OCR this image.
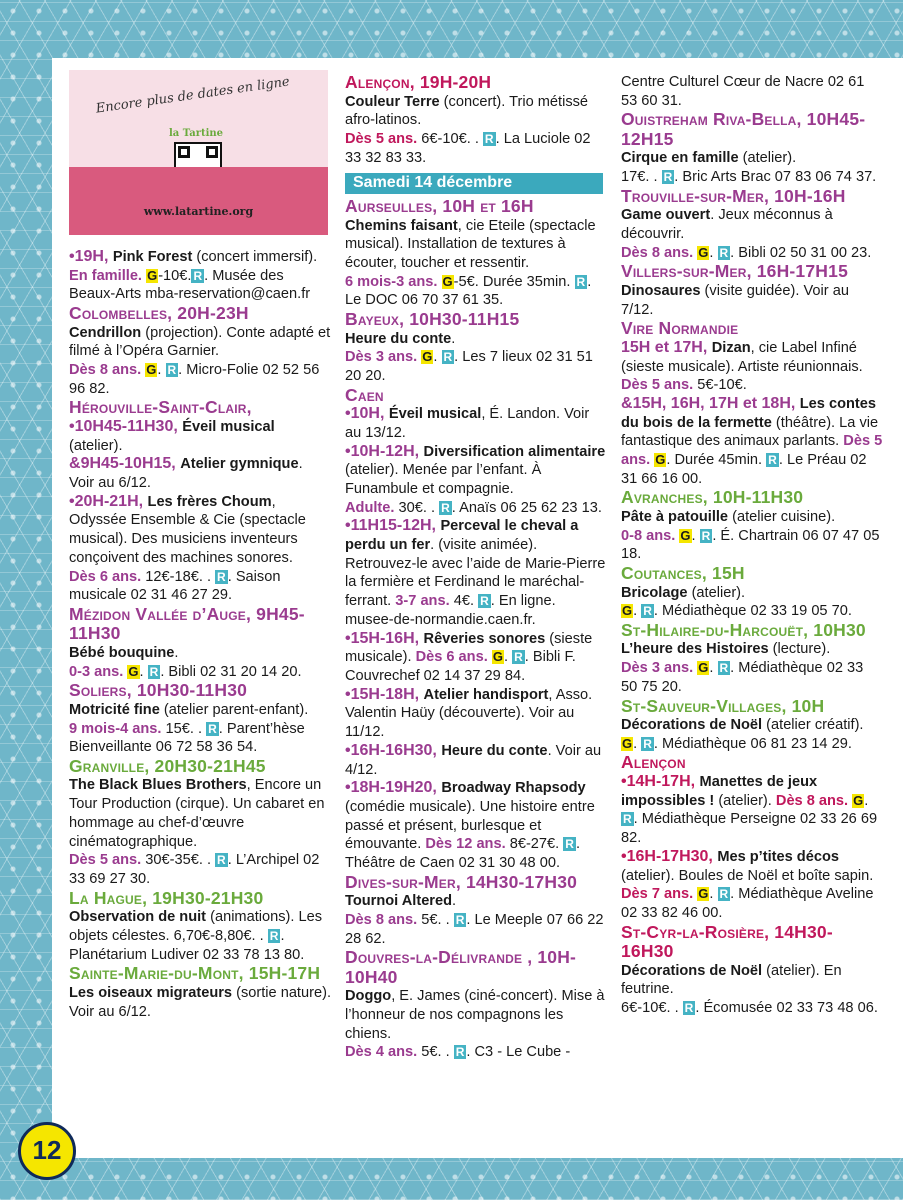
Encore plus de dates en ligne
la Tartine
www.latartine.org
•19H, Pink Forest (concert immersif). En famille. G-10€. R . Musée des Beaux-Arts mba-reservation@caen.fr
Colombelles, 20H-23H
Cendrillon (projection). Conte adapté et filmé à l’Opéra Garnier.
Dès 8 ans. G. R . Micro-Folie 02 52 56 96 82.
Hérouville-Saint-Clair,
•10H45-11H30, Éveil musical (atelier).
&9H45-10H15, Atelier gymnique. Voir au 6/12.
•20H-21H, Les frères Choum, Odyssée Ensemble & Cie (spectacle musical). Des musiciens inventeurs conçoivent des machines sonores.
Dès 6 ans. 12€-18€. . R . Saison musicale 02 31 46 27 29.
Mézidon Vallée d’Auge, 9H45-11H30
Bébé bouquine.
0-3 ans. G. R . Bibli 02 31 20 14 20.
Soliers, 10H30-11H30
Motricité fine (atelier parent-enfant).
9 mois-4 ans. 15€. . R . Parent’hèse Bienveillante 06 72 58 36 54.
Granville, 20H30-21H45
The Black Blues Brothers, Encore un Tour Production (cirque). Un cabaret en hommage au chef-d’œuvre cinématographique.
Dès 5 ans. 30€-35€. . R . L’Archipel 02 33 69 27 30.
La Hague, 19H30-21H30
Observation de nuit (animations). Les objets célestes. 6,70€-8,80€. . R . Planétarium Ludiver 02 33 78 13 80.
Sainte-Marie-du-Mont, 15H-17H
Les oiseaux migrateurs (sortie nature). Voir au 6/12.
Alençon, 19H-20H
Couleur Terre (concert). Trio métissé afro-latinos.
Dès 5 ans. 6€-10€. . R . La Luciole 02 33 32 83 33.
Samedi 14 décembre
Aurseulles, 10H et 16H
Chemins faisant, cie Eteile (spectacle musical). Installation de textures à écouter, toucher et ressentir.
6 mois-3 ans. G-5€. Durée 35min. R . Le DOC 06 70 37 61 35.
Bayeux, 10H30-11H15
Heure du conte.
Dès 3 ans. G. R . Les 7 lieux 02 31 51 20 20.
Caen
•10H, Éveil musical, É. Landon. Voir au 13/12.
•10H-12H, Diversification alimentaire (atelier). Menée par l’enfant. À Funambule et compagnie.
Adulte. 30€. . R . Anaïs 06 25 62 23 13.
•11H15-12H, Perceval le cheval a perdu un fer. (visite animée). Retrouvez-le avec l’aide de Marie-Pierre la fermière et Ferdinand le maréchal-ferrant. 3-7 ans. 4€. R . En ligne. musee-de-normandie.caen.fr.
•15H-16H, Rêveries sonores (sieste musicale). Dès 6 ans. G. R . Bibli F. Couvrechef 02 14 37 29 84.
•15H-18H, Atelier handisport, Asso. Valentin Haüy (découverte). Voir au 11/12.
•16H-16H30, Heure du conte. Voir au 4/12.
•18H-19H20, Broadway Rhapsody (comédie musicale). Une histoire entre passé et présent, burlesque et émouvante. Dès 12 ans. 8€-27€. R . Théâtre de Caen 02 31 30 48 00.
Dives-sur-Mer, 14H30-17H30
Tournoi Altered.
Dès 8 ans. 5€. . R . Le Meeple 07 66 22 28 62.
Douvres-la-Délivrande , 10H-10H40
Doggo, E. James (ciné-concert). Mise à l’honneur de nos compagnons les chiens.
Dès 4 ans. 5€. . R . C3 - Le Cube -
Centre Culturel Cœur de Nacre 02 61 53 60 31.
Ouistreham Riva-Bella, 10H45-12H15
Cirque en famille (atelier).
17€. . R . Bric Arts Brac 07 83 06 74 37.
Trouville-sur-Mer, 10H-16H
Game ouvert. Jeux méconnus à découvrir.
Dès 8 ans. G. R . Bibli 02 50 31 00 23.
Villers-sur-Mer, 16H-17H15
Dinosaures (visite guidée). Voir au 7/12.
Vire Normandie
15H et 17H, Dizan, cie Label Infiné (sieste musicale). Artiste réunionnais. Dès 5 ans. 5€-10€.
&15H, 16H, 17H et 18H, Les contes du bois de la fermette (théâtre). La vie fantastique des animaux parlants. Dès 5 ans. G. Durée 45min. R . Le Préau 02 31 66 16 00.
Avranches, 10H-11H30
Pâte à patouille (atelier cuisine).
0-8 ans. G. R . É. Chartrain 06 07 47 05 18.
Coutances, 15H
Bricolage (atelier).
G. R . Médiathèque 02 33 19 05 70.
St-Hilaire-du-Harcouët, 10H30
L’heure des Histoires (lecture).
Dès 3 ans. G. R . Médiathèque 02 33 50 75 20.
St-Sauveur-Villages, 10H
Décorations de Noël (atelier créatif).
G. R . Médiathèque 06 81 23 14 29.
Alençon
•14H-17H, Manettes de jeux impossibles ! (atelier). Dès 8 ans. G. R . Médiathèque Perseigne 02 33 26 69 82.
•16H-17H30, Mes p’tites décos (atelier). Boules de Noël et boîte sapin. Dès 7 ans. G. R . Médiathèque Aveline 02 33 82 46 00.
St-Cyr-la-Rosière, 14H30-16H30
Décorations de Noël (atelier). En feutrine.
6€-10€. . R . Écomusée 02 33 73 48 06.
12
